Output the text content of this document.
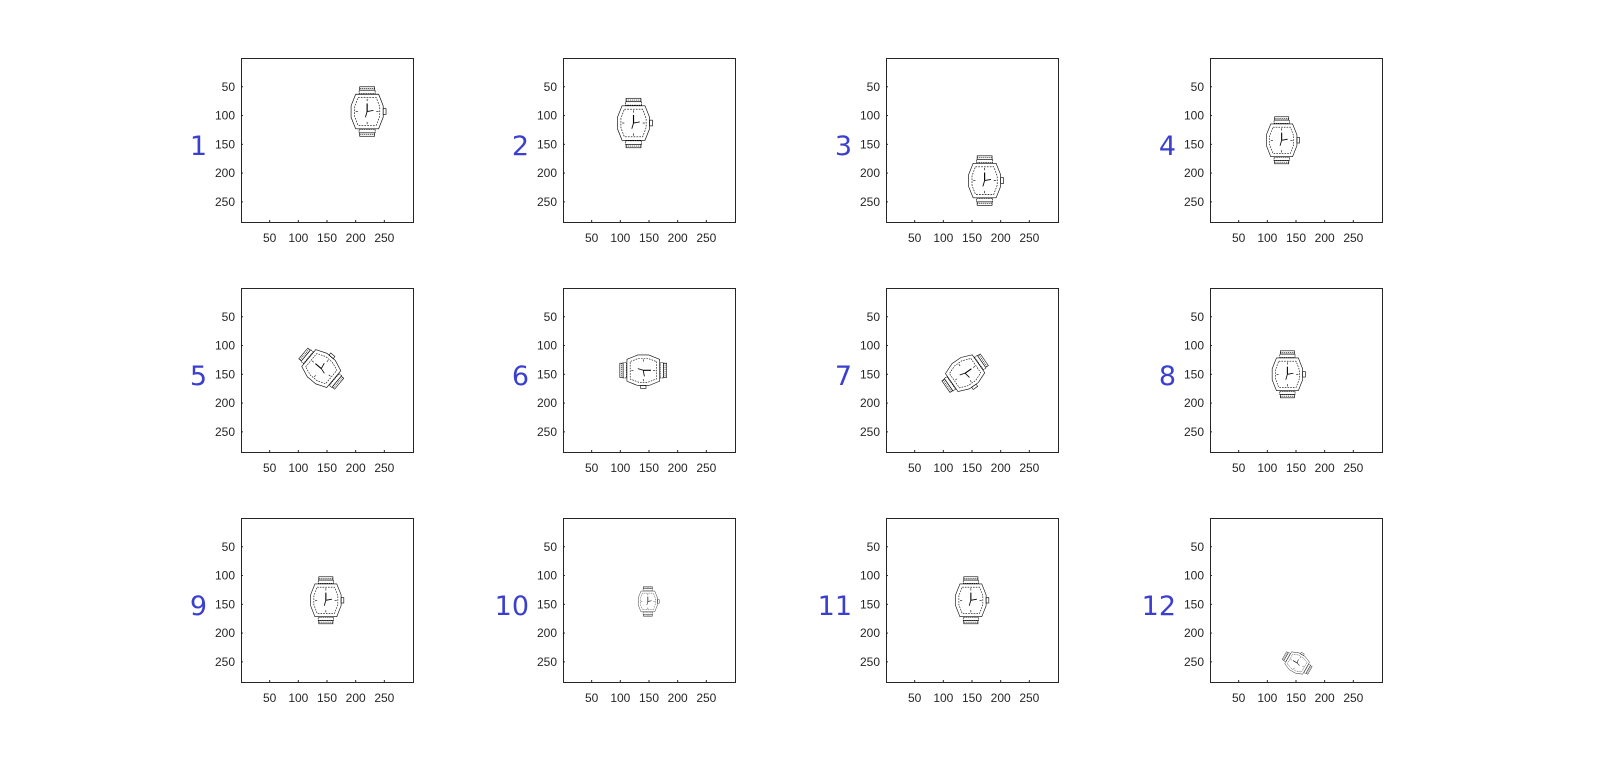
50 100 150 200 250
50
100
150
200
250
1
50 100 150 200 250
50
100
150
200
250
2
50 100 150 200 250
50
100
150
200
250
3
50 100 150 200 250
50
100
150
200
250
4
50 100 150 200 250
50
100
150
200
250
5
50 100 150 200 250
50
100
150
200
250
6
50 100 150 200 250
50
100
150
200
250
7
50 100 150 200 250
50
100
150
200
250
8
50 100 150 200 250
50
100
150
200
250
9
50 100 150 200 250
50
100
150
200
250
10
50 100 150 200 250
50
100
150
200
250
11
50 100 150 200 250
50
100
150
200
250
12
